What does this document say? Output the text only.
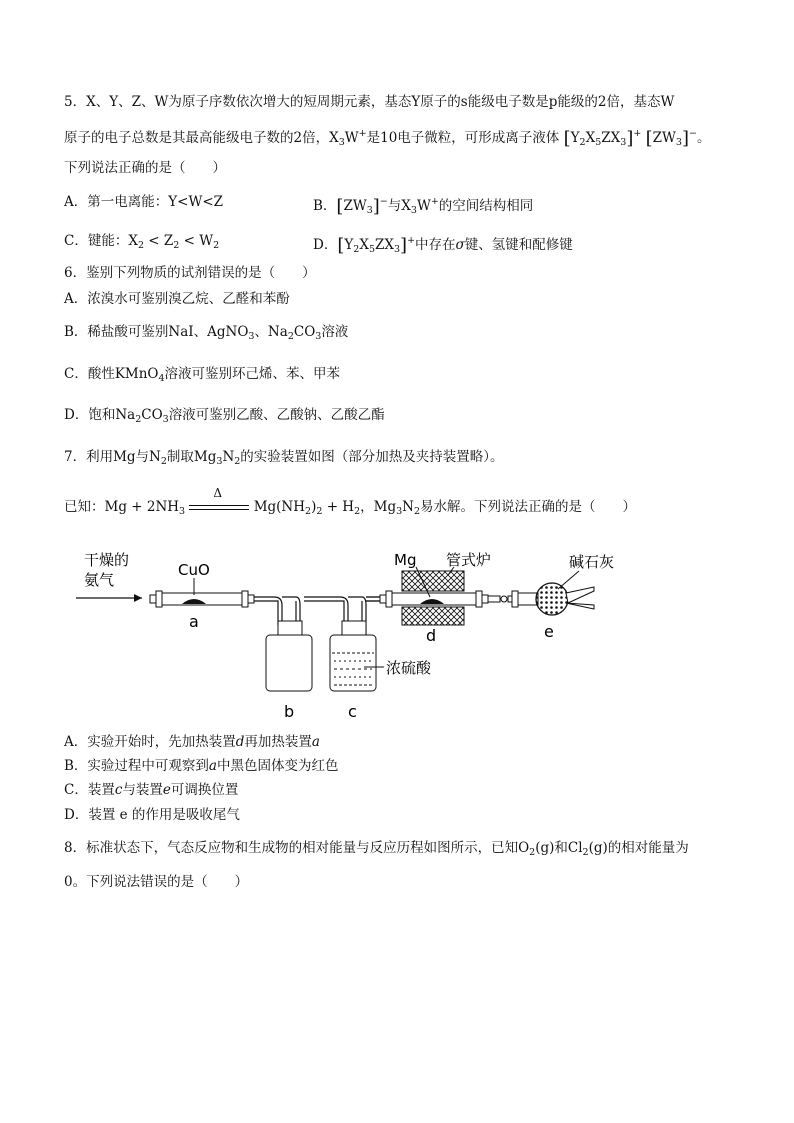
5．X、Y、Z、W为原子序数依次增大的短周期元素，基态Y原子的s能级电子数是p能级的2倍，基态W
原子的电子总数是其最高能级电子数的2倍，$X_3W^+$是10电子微粒，可形成离子液体 $[Y_2X_5ZX_3]^+$ $[ZW_3]^-$。
下列说法正确的是（　　）
A．第一电离能：Y<W<Z	B．$[ZW_3]^-$与$X_3W^+$的空间结构相同
C．键能：$X_2 < Z_2 < W_2$	D．$[Y_2X_5ZX_3]^+$中存在σ键、氢键和配修键
6．鉴别下列物质的试剂错误的是（　　）
A．浓溴水可鉴别溴乙烷、乙醛和苯酚
B．稀盐酸可鉴别NaI、AgNO$_3$、$Na_2CO_3$溶液
C．酸性KMnO$_4$溶液可鉴别环己烯、苯、甲苯
D．饱和$Na_2CO_3$溶液可鉴别乙酸、乙酸钠、乙酸乙酯
7．利用Mg与$N_2$制取$Mg_3N_2$的实验装置如图（部分加热及夹持装置略）。
已知：$Mg + 2NH_3$
Δ
$Mg(NH_2)_2 + H_2$，$Mg_3N_2$易水解。下列说法正确的是（　　）
干燥的
氨气
CuO
a
b
浓硫酸
c
Mg 管式炉
d
碱石灰
e
A．实验开始时，先加热装置d再加热装置a
B．实验过程中可观察到a中黑色固体变为红色
C．装置c与装置e可调换位置
D．装置 e 的作用是吸收尾气
8．标准状态下，气态反应物和生成物的相对能量与反应历程如图所示，已知$O_2(g)$和$Cl_2(g)$的相对能量为
0。下列说法错误的是（　　）
